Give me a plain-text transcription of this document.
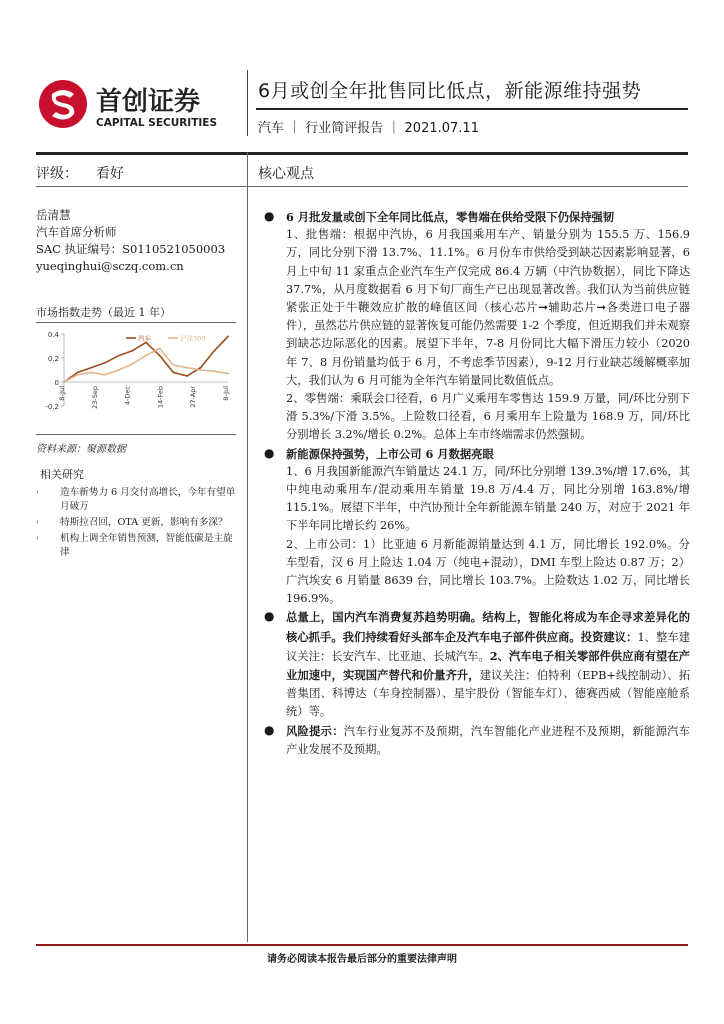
首创证券
CAPITAL SECURITIES
6月或创全年批售同比低点，新能源维持强势
汽车 ｜ 行业简评报告 ｜ 2021.07.11
评级： 看好	核心观点
岳清慧
汽车首席分析师
SAC 执证编号：S0110521050003
yueqinghui@sczq.com.cn
市场指数走势（最近 1 年）
0.4
0.2
0
-0.2
8-Jul	23-Sep	4-Dec	14-Feb	27-Apr	8-Jul
汽车	沪深300
资料来源：聚源数据
相关研究
· 造车新势力 6 月交付高增长，今年有望单月破万
· 特斯拉召回，OTA 更新，影响有多深？
· 机构上调全年销售预测，智能低碳是主旋律
● 6 月批发量或创下全年同比低点，零售端在供给受限下仍保持强韧

1、批售端：根据中汽协，6 月我国乘用车产、销量分别为 155.5 万、156.9 万，同比分别下滑 13.7%、11.1%。6 月份车市供给受到缺芯因素影响显著，6 月上中旬 11 家重点企业汽车生产仅完成 86.4 万辆（中汽协数据），同比下降达 37.7%，从月度数据看 6 月下旬厂商生产已出现显著改善。我们认为当前供应链紧张正处于牛鞭效应扩散的峰值区间（核心芯片➞辅助芯片➞各类进口电子器件），虽然芯片供应链的显著恢复可能仍然需要 1-2 个季度，但近期我们并未观察到缺芯边际恶化的因素。展望下半年，7-8 月份同比大幅下滑压力较小（2020 年 7、8 月份销量均低于 6 月，不考虑季节因素），9-12 月行业缺芯缓解概率加大，我们认为 6 月可能为全年汽车销量同比数值低点。

2、零售端：乘联会口径看，6 月广义乘用车零售达 159.9 万量，同/环比分别下滑 5.3%/下滑 3.5%。上险数口径看，6 月乘用车上险量为 168.9 万，同/环比分别增长 3.2%/增长 0.2%。总体上车市终端需求仍然强韧。

● 新能源保持强势，上市公司 6 月数据亮眼

1、6 月我国新能源汽车销量达 24.1 万，同/环比分别增 139.3%/增 17.6%，其中纯电动乘用车/混动乘用车销量 19.8 万/4.4 万，同比分别增 163.8%/增 115.1%。展望下半年，中汽协预计全年新能源车销量 240 万，对应于 2021 年下半年同比增长约 26%。

2、上市公司：1）比亚迪 6 月新能源销量达到 4.1 万，同比增长 192.0%。分车型看，汉 6 月上险达 1.04 万（纯电+混动），DMI 车型上险达 0.87 万；2）广汽埃安 6 月销量 8639 台，同比增长 103.7%。上险数达 1.02 万，同比增长 196.9%。

● 总量上，国内汽车消费复苏趋势明确。结构上，智能化将成为车企寻求差异化的核心抓手。我们持续看好头部车企及汽车电子部件供应商。投资建议：1、整车建议关注：长安汽车、比亚迪、长城汽车。2、汽车电子相关零部件供应商有望在产业加速中，实现国产替代和价量齐升，建议关注：伯特利（EPB+线控制动）、拓普集团、科博达（车身控制器）、星宇股份（智能车灯）、德赛西威（智能座舱系统）等。

● 风险提示：汽车行业复苏不及预期，汽车智能化产业进程不及预期，新能源汽车产业发展不及预期。

请务必阅读本报告最后部分的重要法律声明
